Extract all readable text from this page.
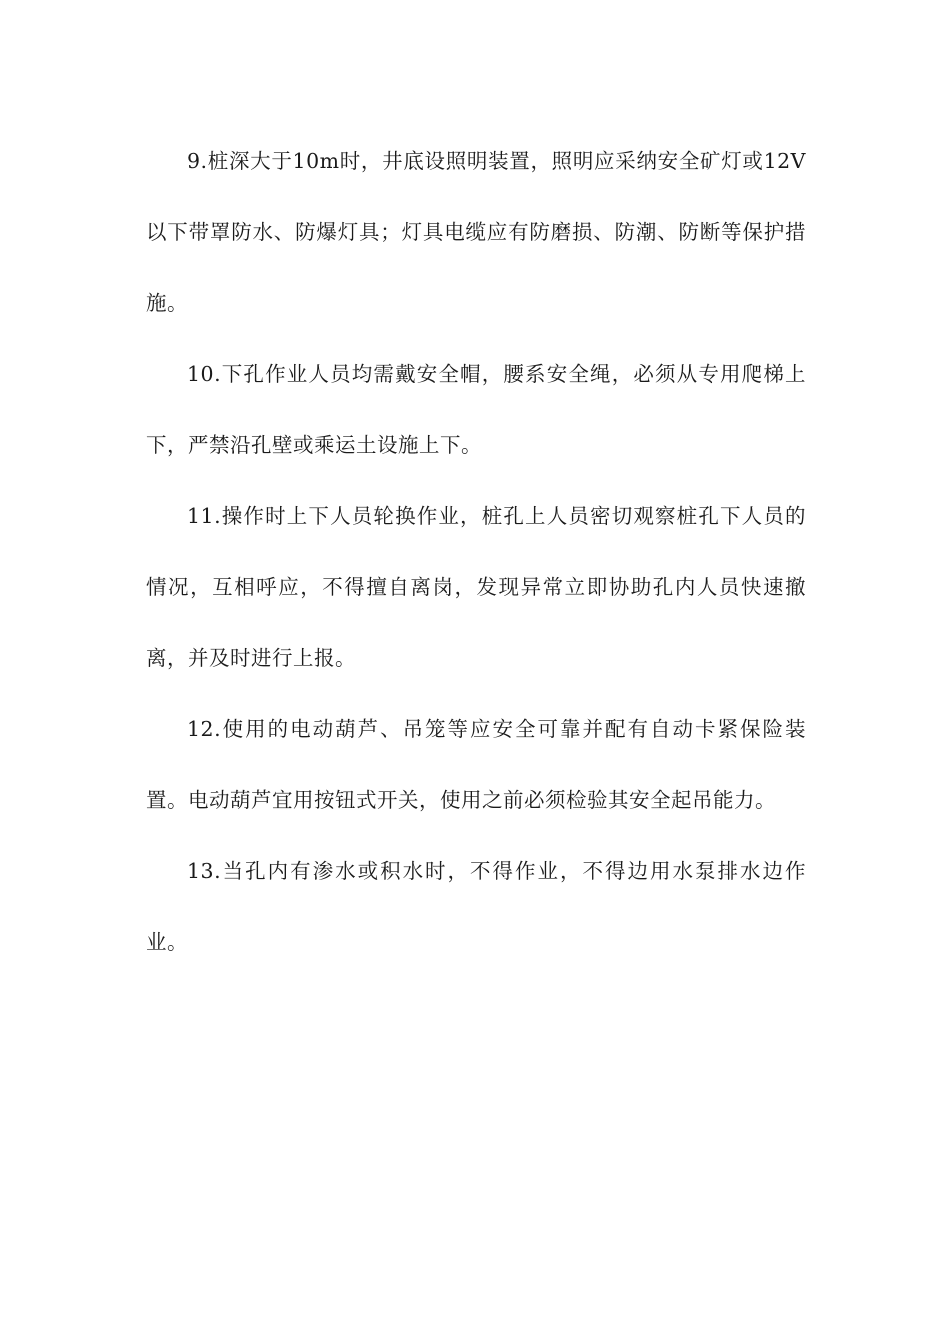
9.桩深大于10m时，井底设照明装置，照明应采纳安全矿灯或12V以下带罩防水、防爆灯具；灯具电缆应有防磨损、防潮、防断等保护措施。

10.下孔作业人员均需戴安全帽，腰系安全绳，必须从专用爬梯上下，严禁沿孔壁或乘运土设施上下。

11.操作时上下人员轮换作业，桩孔上人员密切观察桩孔下人员的情况，互相呼应，不得擅自离岗，发现异常立即协助孔内人员快速撤离，并及时进行上报。

12.使用的电动葫芦、吊笼等应安全可靠并配有自动卡紧保险装置。电动葫芦宜用按钮式开关，使用之前必须检验其安全起吊能力。

13.当孔内有渗水或积水时，不得作业，不得边用水泵排水边作业。
